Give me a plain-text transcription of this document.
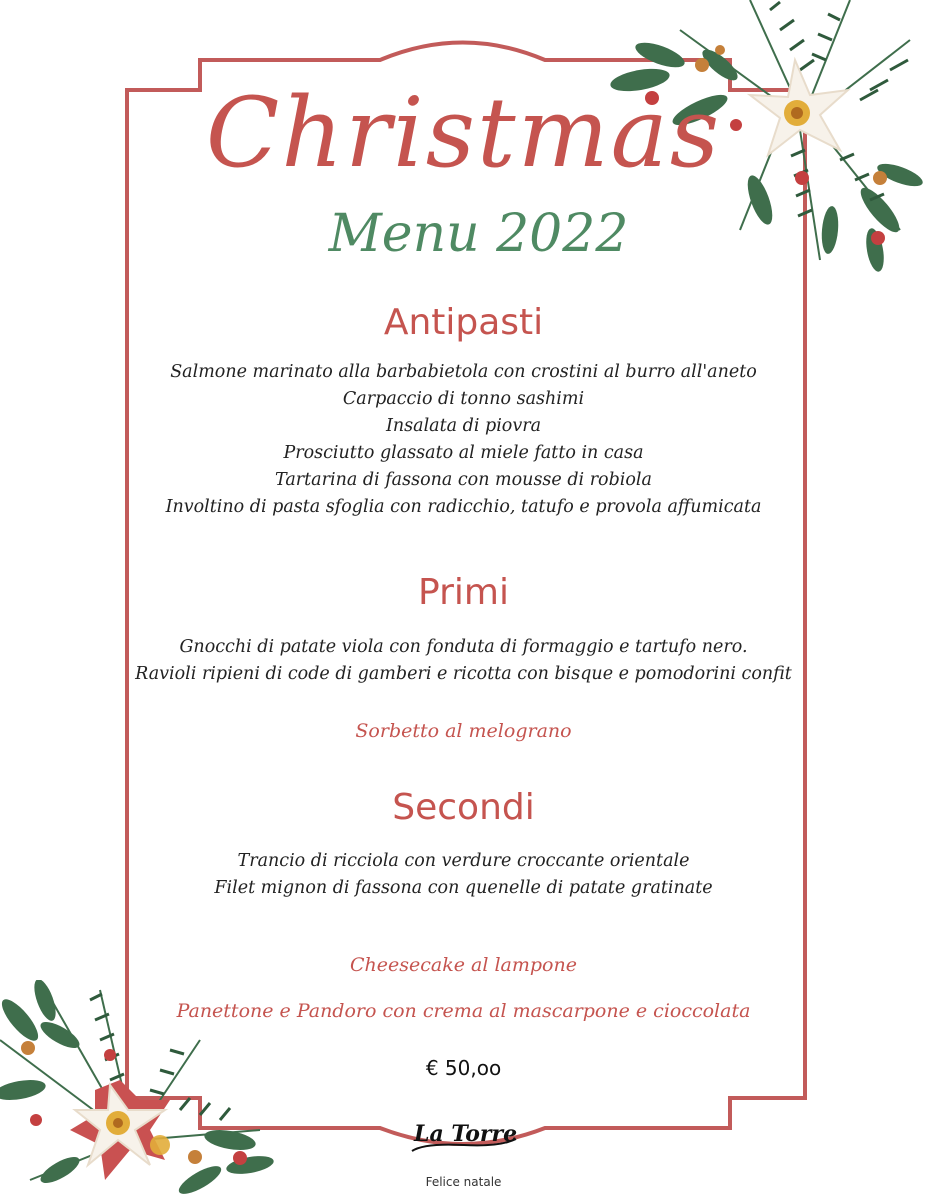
Christmas
Menu 2022
Antipasti
Salmone marinato alla barbabietola con crostini al burro all'aneto
Carpaccio di tonno sashimi
Insalata di piovra
Prosciutto glassato al miele fatto in casa
Tartarina di fassona con mousse di robiola
Involtino di pasta sfoglia con radicchio, tatufo e provola affumicata
Primi
Gnocchi di patate viola con fonduta di formaggio e tartufo nero.
Ravioli ripieni di code di gamberi e ricotta con bisque e pomodorini confit
Sorbetto al melograno
Secondi
Trancio di ricciola con verdure croccante orientale
Filet mignon di fassona con quenelle di patate gratinate
Cheesecake al lampone
Panettone e Pandoro con crema al mascarpone e cioccolata
€ 50,oo
La Torre
Felice natale
